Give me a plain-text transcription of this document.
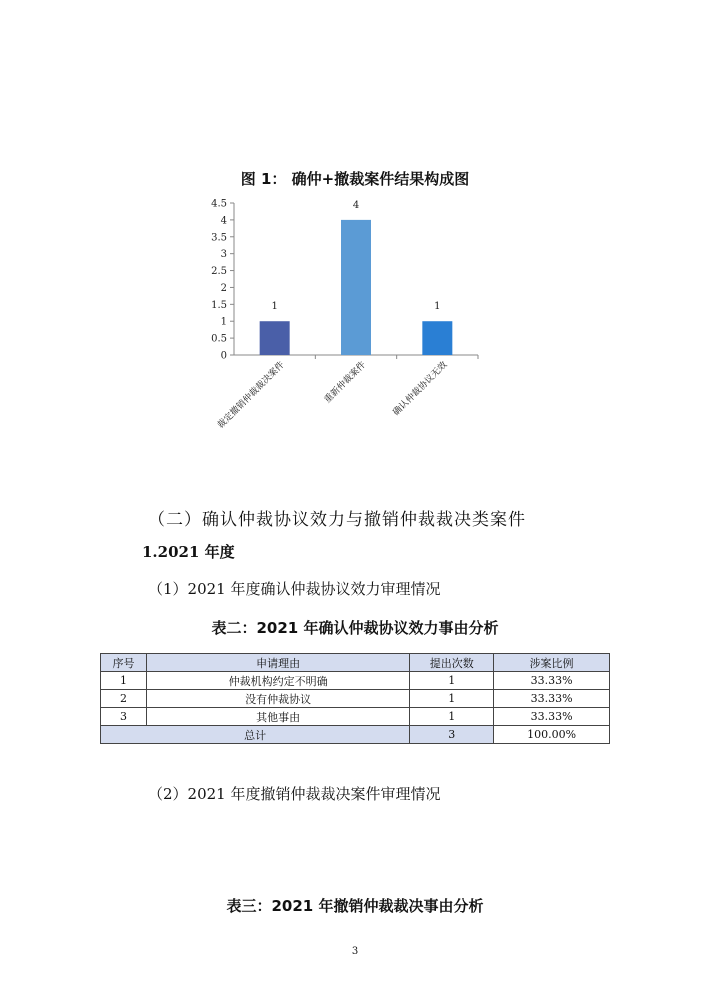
图 1： 确仲+撤裁案件结果构成图
0
0.5
1
1.5
2
2.5
3
3.5
4
4.5
1
裁定撤销仲裁裁决案件
4
重新仲裁案件
1
确认仲裁协议无效
（二）确认仲裁协议效力与撤销仲裁裁决类案件
1.2021 年度
（1）2021 年度确认仲裁协议效力审理情况
表二：2021 年确认仲裁协议效力事由分析
序号	申请理由	提出次数	涉案比例
1	仲裁机构约定不明确	1	33.33%
2	没有仲裁协议	1	33.33%
3	其他事由	1	33.33%
总计		3	100.00%
（2）2021 年度撤销仲裁裁决案件审理情况
表三：2021 年撤销仲裁裁决事由分析
3
